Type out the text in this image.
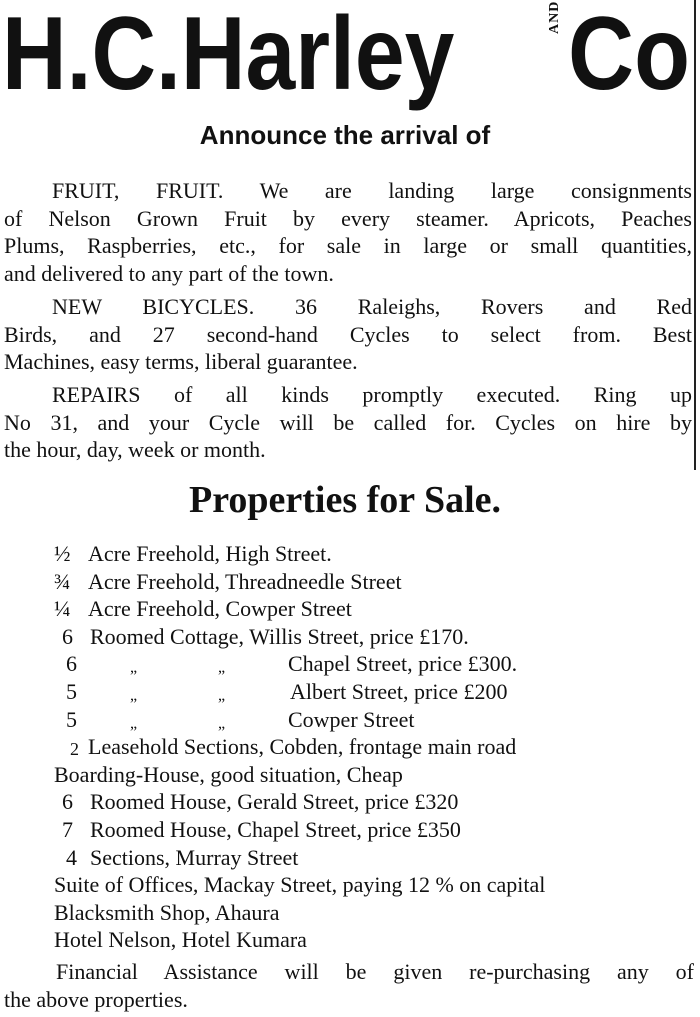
H.C.Harley	AND Co
Announce the arrival of
FRUIT, FRUIT. We are landing large consignments
of Nelson Grown Fruit by every steamer. Apricots, Peaches
Plums, Raspberries, etc., for sale in large or small quantities,
and delivered to any part of the town.
NEW BICYCLES. 36 Raleighs, Rovers and Red
Birds, and 27 second-hand Cycles to select from. Best
Machines, easy terms, liberal guarantee.
REPAIRS of all kinds promptly executed. Ring up
No 31, and your Cycle will be called for. Cycles on hire by
the hour, day, week or month.
Properties for Sale.
½ Acre Freehold, High Street.
¾ Acre Freehold, Threadneedle Street
¼ Acre Freehold, Cowper Street
6 Roomed Cottage, Willis Street, price £170.
6	„	„	Chapel Street, price £300.
5	„	„	Albert Street, price £200
5	„	„	Cowper Street
2 Leasehold Sections, Cobden, frontage main road
Boarding-House, good situation, Cheap
6 Roomed House, Gerald Street, price £320
7 Roomed House, Chapel Street, price £350
4 Sections, Murray Street
Suite of Offices, Mackay Street, paying 12 % on capital
Blacksmith Shop, Ahaura
Hotel Nelson, Hotel Kumara
Financial Assistance will be given re-purchasing any of
the above properties.
